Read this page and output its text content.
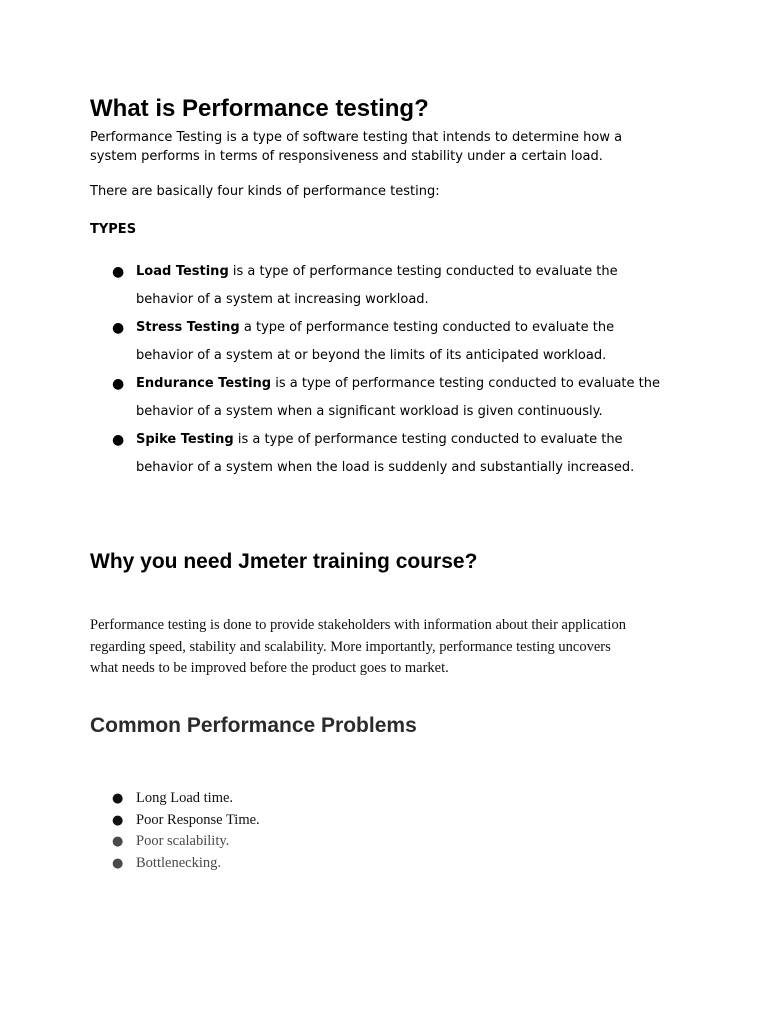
What is Performance testing?

Performance Testing is a type of software testing that intends to determine how a
system performs in terms of responsiveness and stability under a certain load.

There are basically four kinds of performance testing:

TYPES

● Load Testing is a type of performance testing conducted to evaluate the
behavior of a system at increasing workload.
● Stress Testing a type of performance testing conducted to evaluate the
behavior of a system at or beyond the limits of its anticipated workload.
● Endurance Testing is a type of performance testing conducted to evaluate the
behavior of a system when a significant workload is given continuously.
● Spike Testing is a type of performance testing conducted to evaluate the
behavior of a system when the load is suddenly and substantially increased.
Why you need Jmeter training course?

Performance testing is done to provide stakeholders with information about their application
regarding speed, stability and scalability. More importantly, performance testing uncovers
what needs to be improved before the product goes to market.

Common Performance Problems
● Long Load time.
● Poor Response Time.
● Poor scalability.
● Bottlenecking.
